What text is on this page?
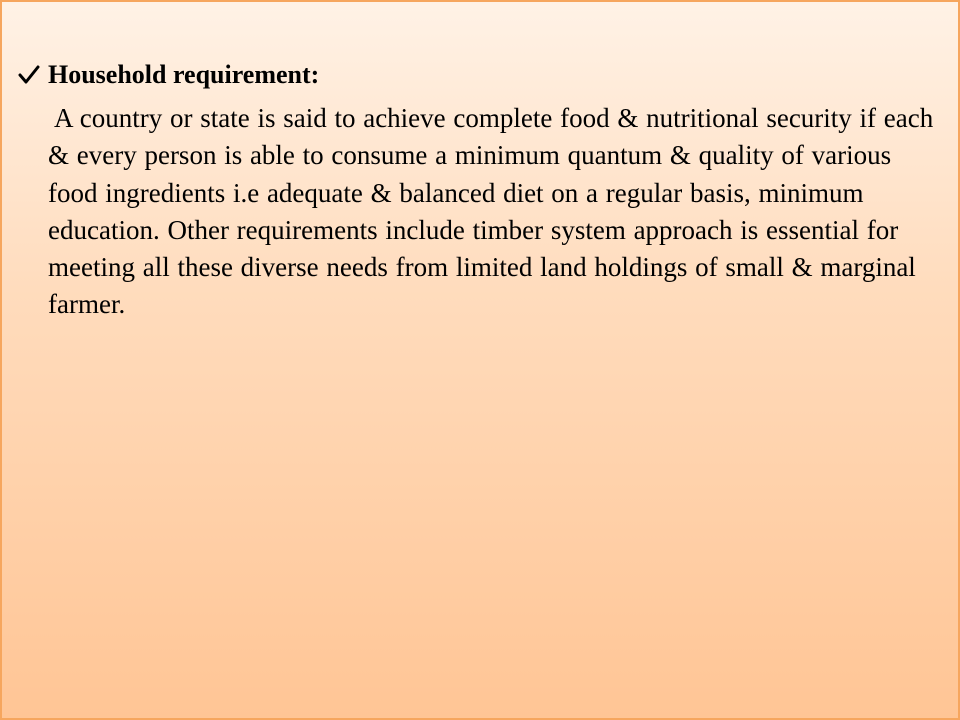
Household requirement:
A country or state is said to achieve complete food & nutritional security if each & every person is able to consume a minimum quantum & quality of various food ingredients i.e adequate & balanced diet on a regular basis, minimum education. Other requirements include timber system approach is essential for meeting all these diverse needs from limited land holdings of small & marginal farmer.
